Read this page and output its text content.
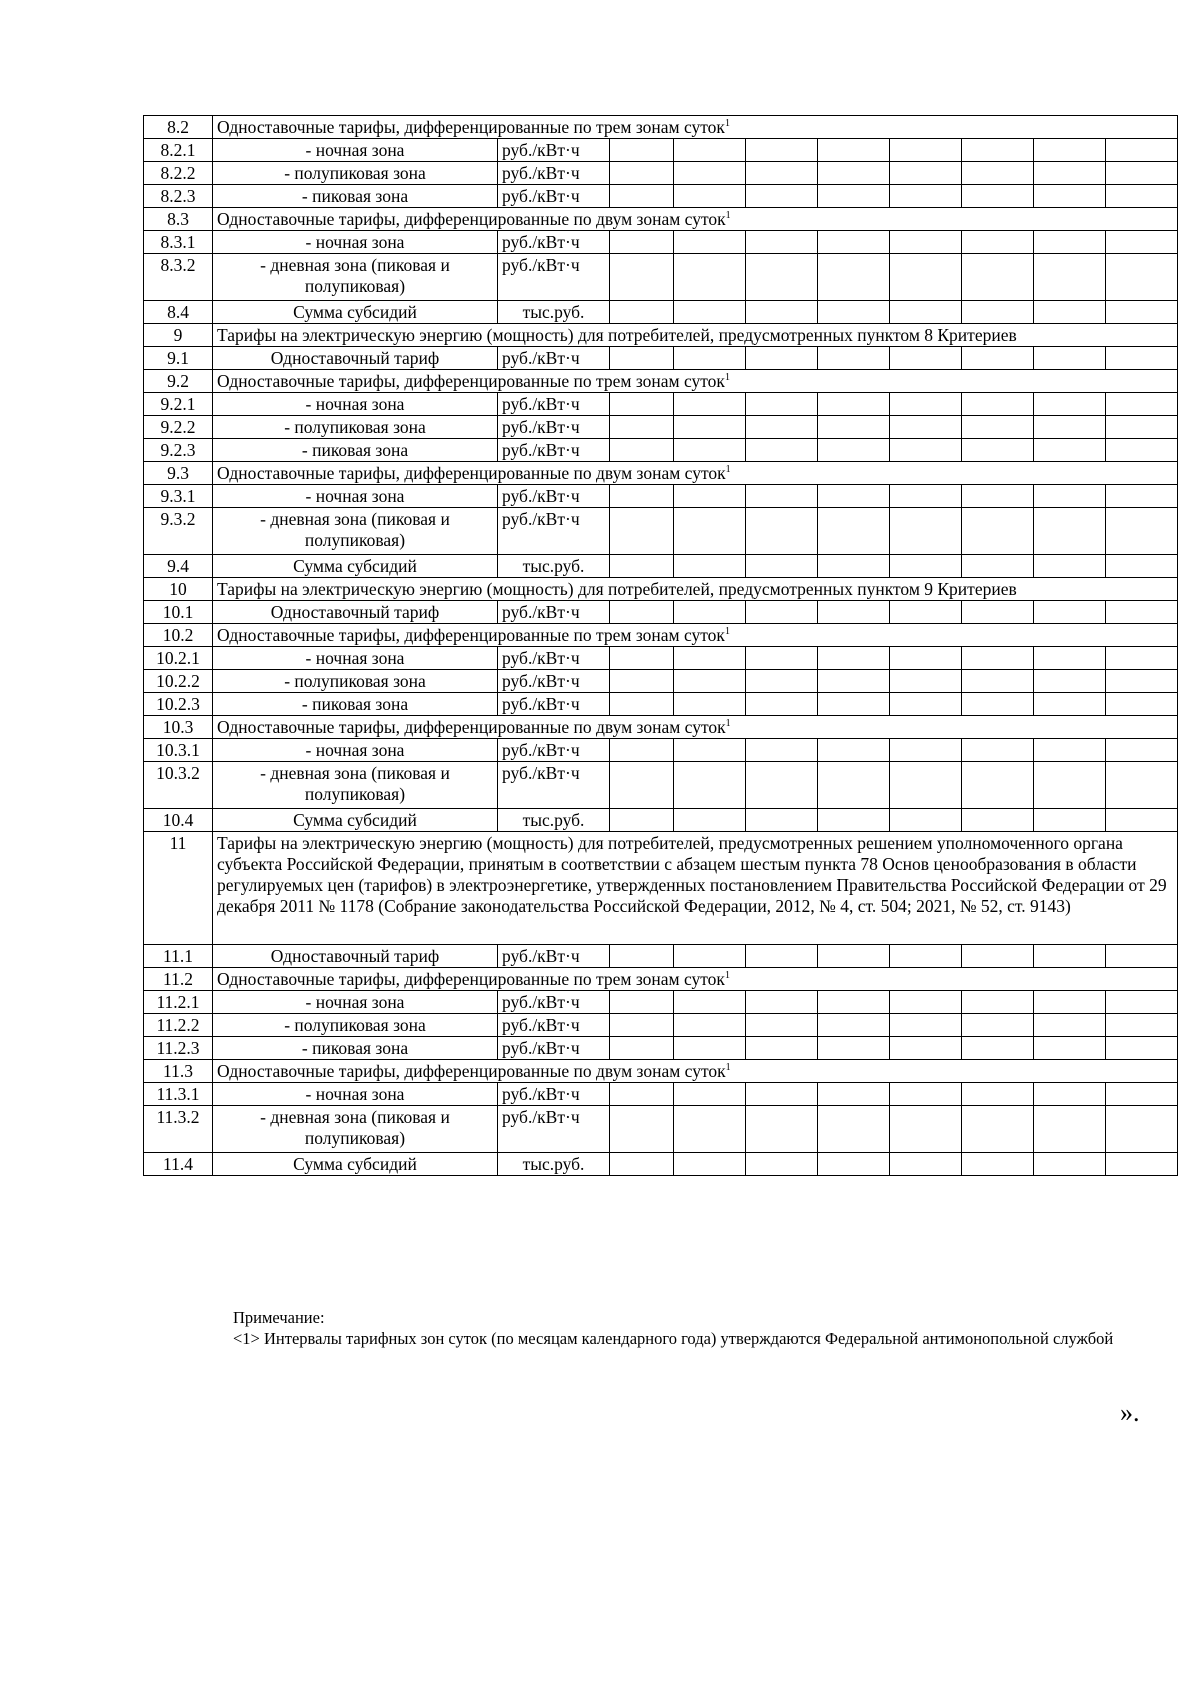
8.2	Одноставочные тарифы, дифференцированные по трем зонам суток$^1$
8.2.1	- ночная зона	руб./кВт·ч								
8.2.2	- полупиковая зона	руб./кВт·ч								
8.2.3	- пиковая зона	руб./кВт·ч								
8.3	Одноставочные тарифы, дифференцированные по двум зонам суток$^1$
8.3.1	- ночная зона	руб./кВт·ч								
8.3.2	- дневная зона (пиковая и полупиковая)	руб./кВт·ч								
8.4	Сумма субсидий	тыс.руб.								
9	Тарифы на электрическую энергию (мощность) для потребителей, предусмотренных пунктом 8 Критериев									
9.1	Одноставочный тариф	руб./кВт·ч								
9.2	Одноставочные тарифы, дифференцированные по трем зонам суток$^1$
9.2.1	- ночная зона	руб./кВт·ч								
9.2.2	- полупиковая зона	руб./кВт·ч								
9.2.3	- пиковая зона	руб./кВт·ч								
9.3	Одноставочные тарифы, дифференцированные по двум зонам суток$^1$
9.3.1	- ночная зона	руб./кВт·ч								
9.3.2	- дневная зона (пиковая и полупиковая)	руб./кВт·ч								
9.4	Сумма субсидий	тыс.руб.								
10	Тарифы на электрическую энергию (мощность) для потребителей, предусмотренных пунктом 9 Критериев									
10.1	Одноставочный тариф	руб./кВт·ч								
10.2	Одноставочные тарифы, дифференцированные по трем зонам суток$^1$
10.2.1	- ночная зона	руб./кВт·ч								
10.2.2	- полупиковая зона	руб./кВт·ч								
10.2.3	- пиковая зона	руб./кВт·ч								
10.3	Одноставочные тарифы, дифференцированные по двум зонам суток$^1$
10.3.1	- ночная зона	руб./кВт·ч								
10.3.2	- дневная зона (пиковая и полупиковая)	руб./кВт·ч								
10.4	Сумма субсидий	тыс.руб.								
11	Тарифы на электрическую энергию (мощность) для потребителей, предусмотренных решением уполномоченного органа субъекта Российской Федерации, принятым в соответствии с абзацем шестым пункта 78 Основ ценообразования в области регулируемых цен (тарифов) в электроэнергетике, утвержденных постановлением Правительства Российской Федерации от 29 декабря 2011 № 1178 (Собрание законодательства Российской Федерации, 2012, № 4, ст. 504; 2021, № 52, ст. 9143)									
11.1	Одноставочный тариф	руб./кВт·ч								
11.2	Одноставочные тарифы, дифференцированные по трем зонам суток$^1$
11.2.1	- ночная зона	руб./кВт·ч								
11.2.2	- полупиковая зона	руб./кВт·ч								
11.2.3	- пиковая зона	руб./кВт·ч								
11.3	Одноставочные тарифы, дифференцированные по двум зонам суток$^1$
11.3.1	- ночная зона	руб./кВт·ч								
11.3.2	- дневная зона (пиковая и полупиковая)	руб./кВт·ч								
11.4	Сумма субсидий	тыс.руб.								
Примечание:
<1> Интервалы тарифных зон суток (по месяцам календарного года) утверждаются Федеральной антимонопольной службой
».
